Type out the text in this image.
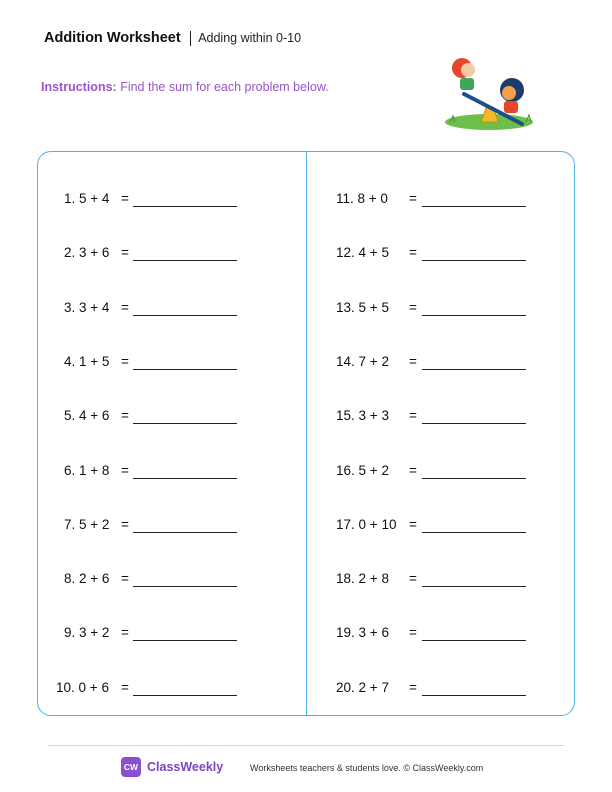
Addition Worksheet Adding within 0-10
Instructions: Find the sum for each problem below.
1. 5 + 4 =
2. 3 + 6 =
3. 3 + 4 =
4. 1 + 5 =
5. 4 + 6 =
6. 1 + 8 =
7. 5 + 2 =
8. 2 + 6 =
9. 3 + 2 =
10. 0 + 6 =
11. 8 + 0 =
12. 4 + 5 =
13. 5 + 5 =
14. 7 + 2 =
15. 3 + 3 =
16. 5 + 2 =
17. 0 + 10 =
18. 2 + 8 =
19. 3 + 6 =
20. 2 + 7 =
CW ClassWeekly	Worksheets teachers & students love. © ClassWeekly.com
